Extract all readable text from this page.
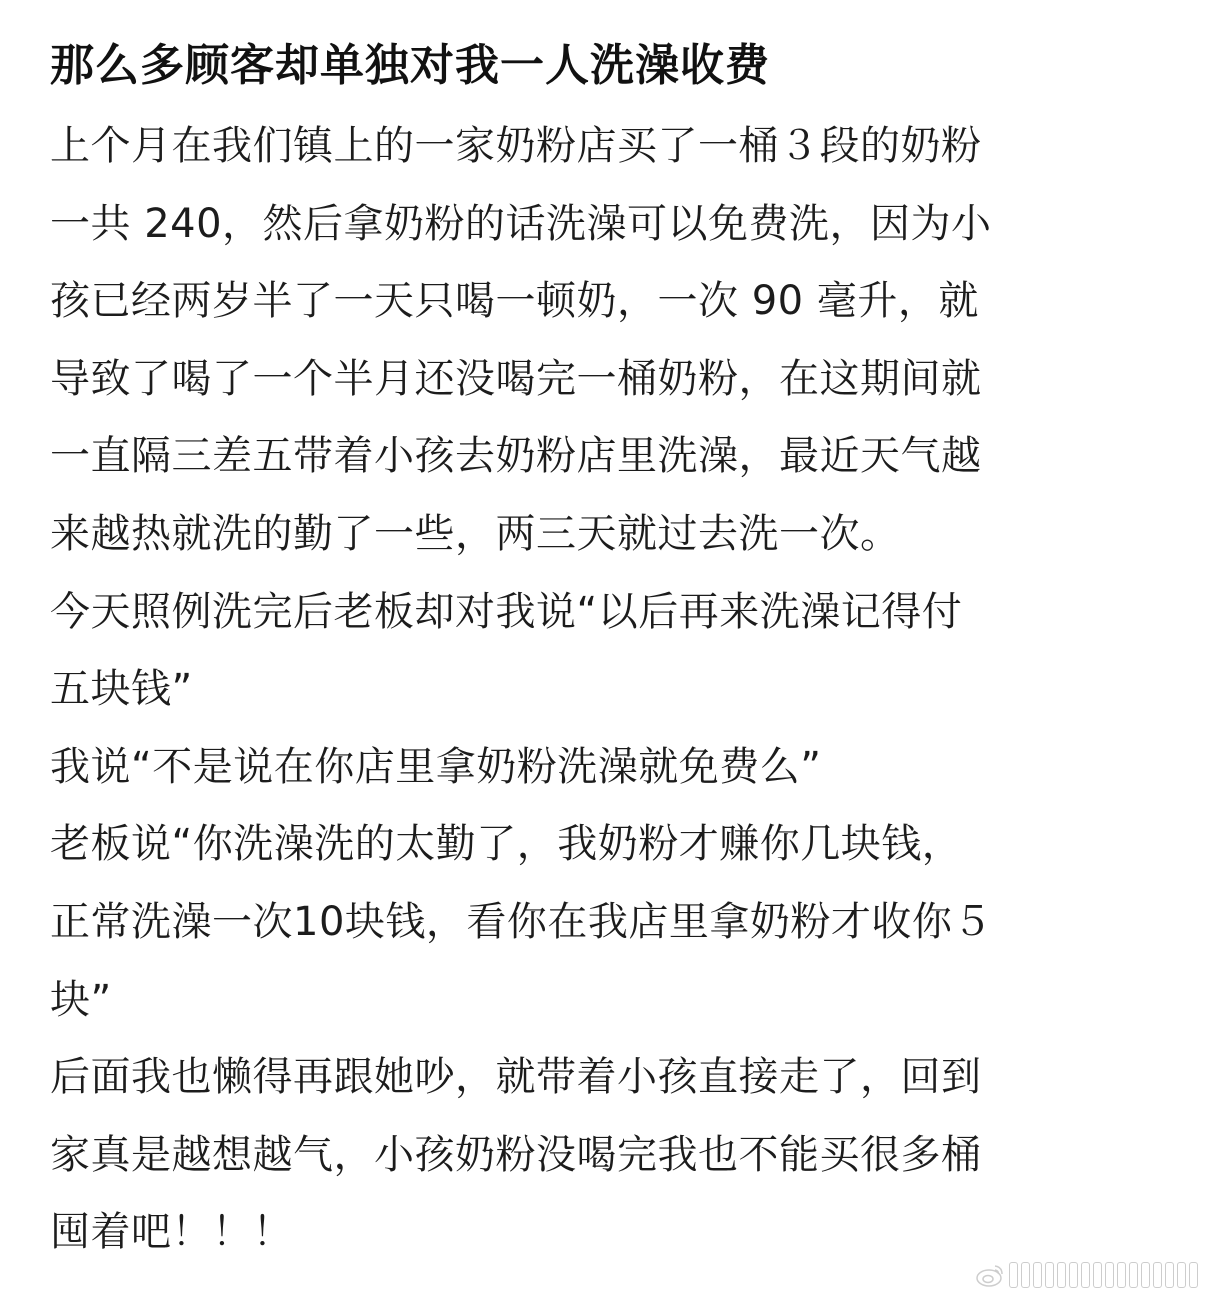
那么多顾客却单独对我一人洗澡收费
上个月在我们镇上的一家奶粉店买了一桶３段的奶粉
一共 240，然后拿奶粉的话洗澡可以免费洗，因为小
孩已经两岁半了一天只喝一顿奶，一次 90 毫升，就
导致了喝了一个半月还没喝完一桶奶粉，在这期间就
一直隔三差五带着小孩去奶粉店里洗澡，最近天气越
来越热就洗的勤了一些，两三天就过去洗一次。
今天照例洗完后老板却对我说“以后再来洗澡记得付
五块钱”
我说“不是说在你店里拿奶粉洗澡就免费么”
老板说“你洗澡洗的太勤了，我奶粉才赚你几块钱，
正常洗澡一次10块钱，看你在我店里拿奶粉才收你５
块”
后面我也懒得再跟她吵，就带着小孩直接走了，回到
家真是越想越气，小孩奶粉没喝完我也不能买很多桶
囤着吧！！！
